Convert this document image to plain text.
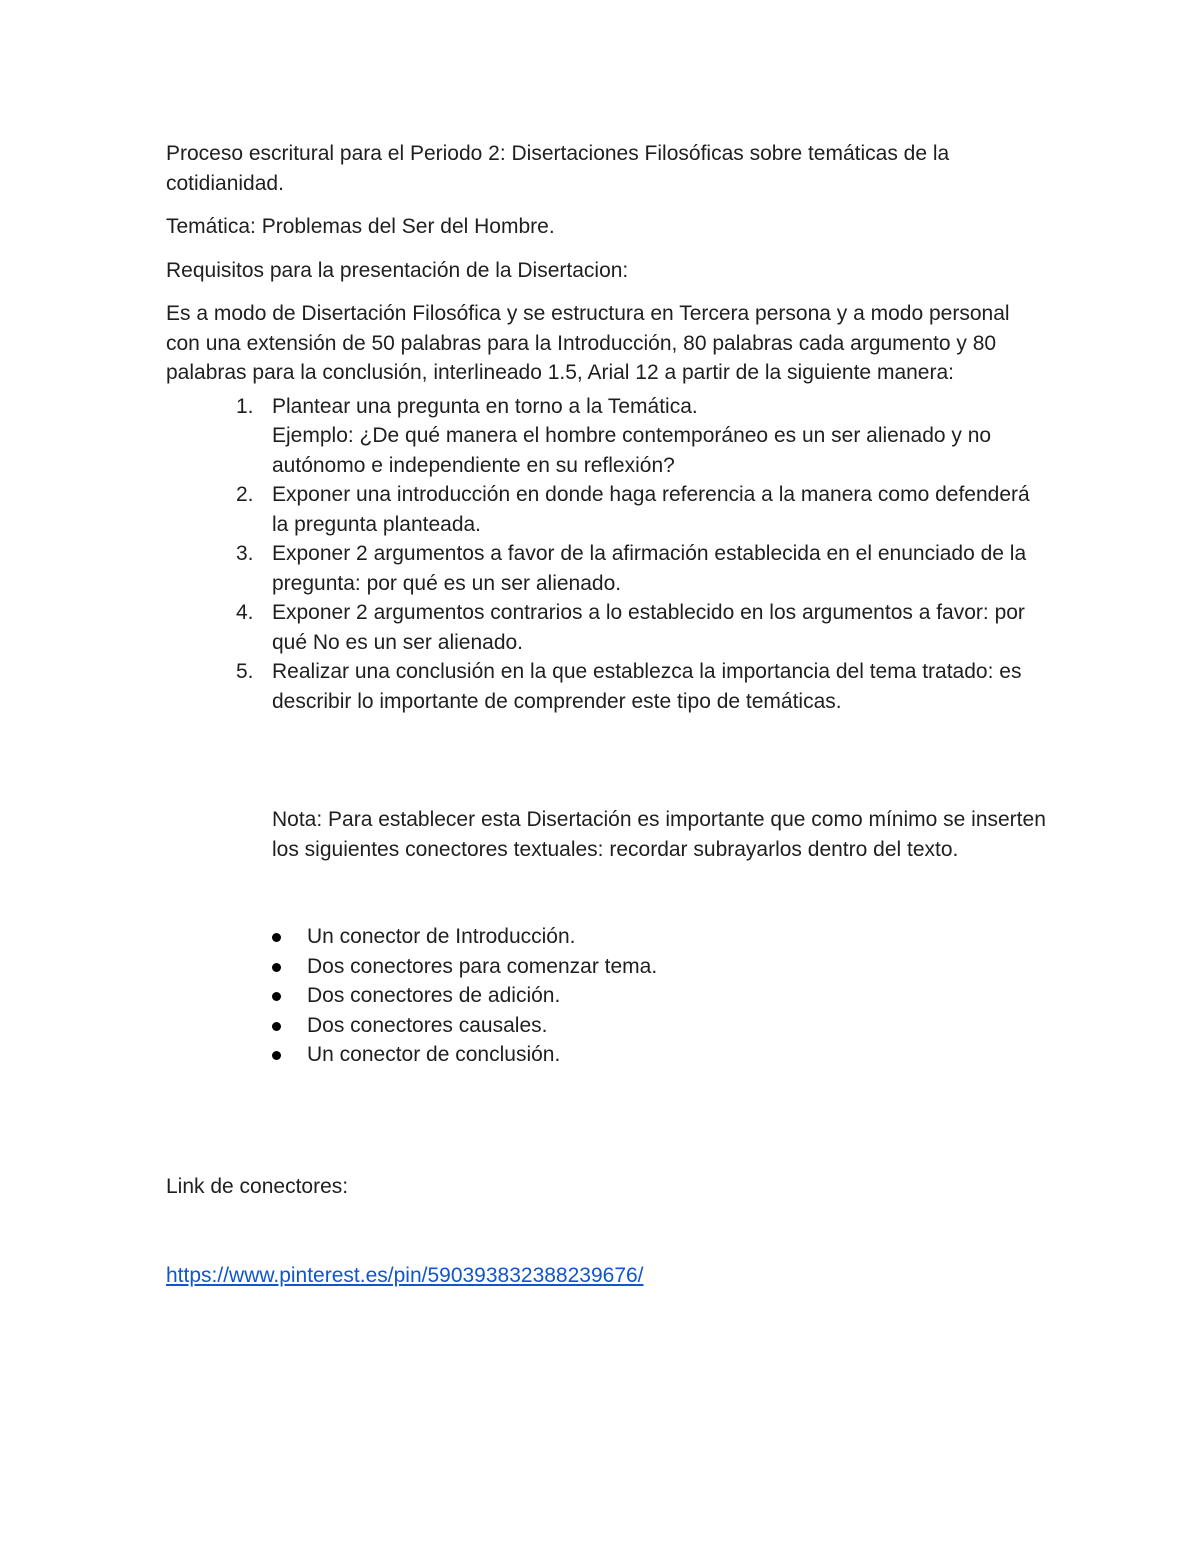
Proceso escritural para el Periodo 2: Disertaciones Filosóficas sobre temáticas de la cotidianidad.

Temática: Problemas del Ser del Hombre.

Requisitos para la presentación de la Disertacion:

Es a modo de Disertación Filosófica y se estructura en Tercera persona y a modo personal con una extensión de 50 palabras para la Introducción, 80 palabras cada argumento y 80 palabras para la conclusión, interlineado 1.5, Arial 12 a partir de la siguiente manera:

1. Plantear una pregunta en torno a la Temática.
Ejemplo: ¿De qué manera el hombre contemporáneo es un ser alienado y no autónomo e independiente en su reflexión?
2. Exponer una introducción en donde haga referencia a la manera como defenderá la pregunta planteada.
3. Exponer 2 argumentos a favor de la afirmación establecida en el enunciado de la pregunta: por qué es un ser alienado.
4. Exponer 2 argumentos contrarios a lo establecido en los argumentos a favor: por qué No es un ser alienado.
5. Realizar una conclusión en la que establezca la importancia del tema tratado: es describir lo importante de comprender este tipo de temáticas.

Nota: Para establecer esta Disertación es importante que como mínimo se inserten los siguientes conectores textuales: recordar subrayarlos dentro del texto.

Un conector de Introducción.
Dos conectores para comenzar tema.
Dos conectores de adición.
Dos conectores causales.
Un conector de conclusión.

Link de conectores:

https://www.pinterest.es/pin/590393832388239676/
